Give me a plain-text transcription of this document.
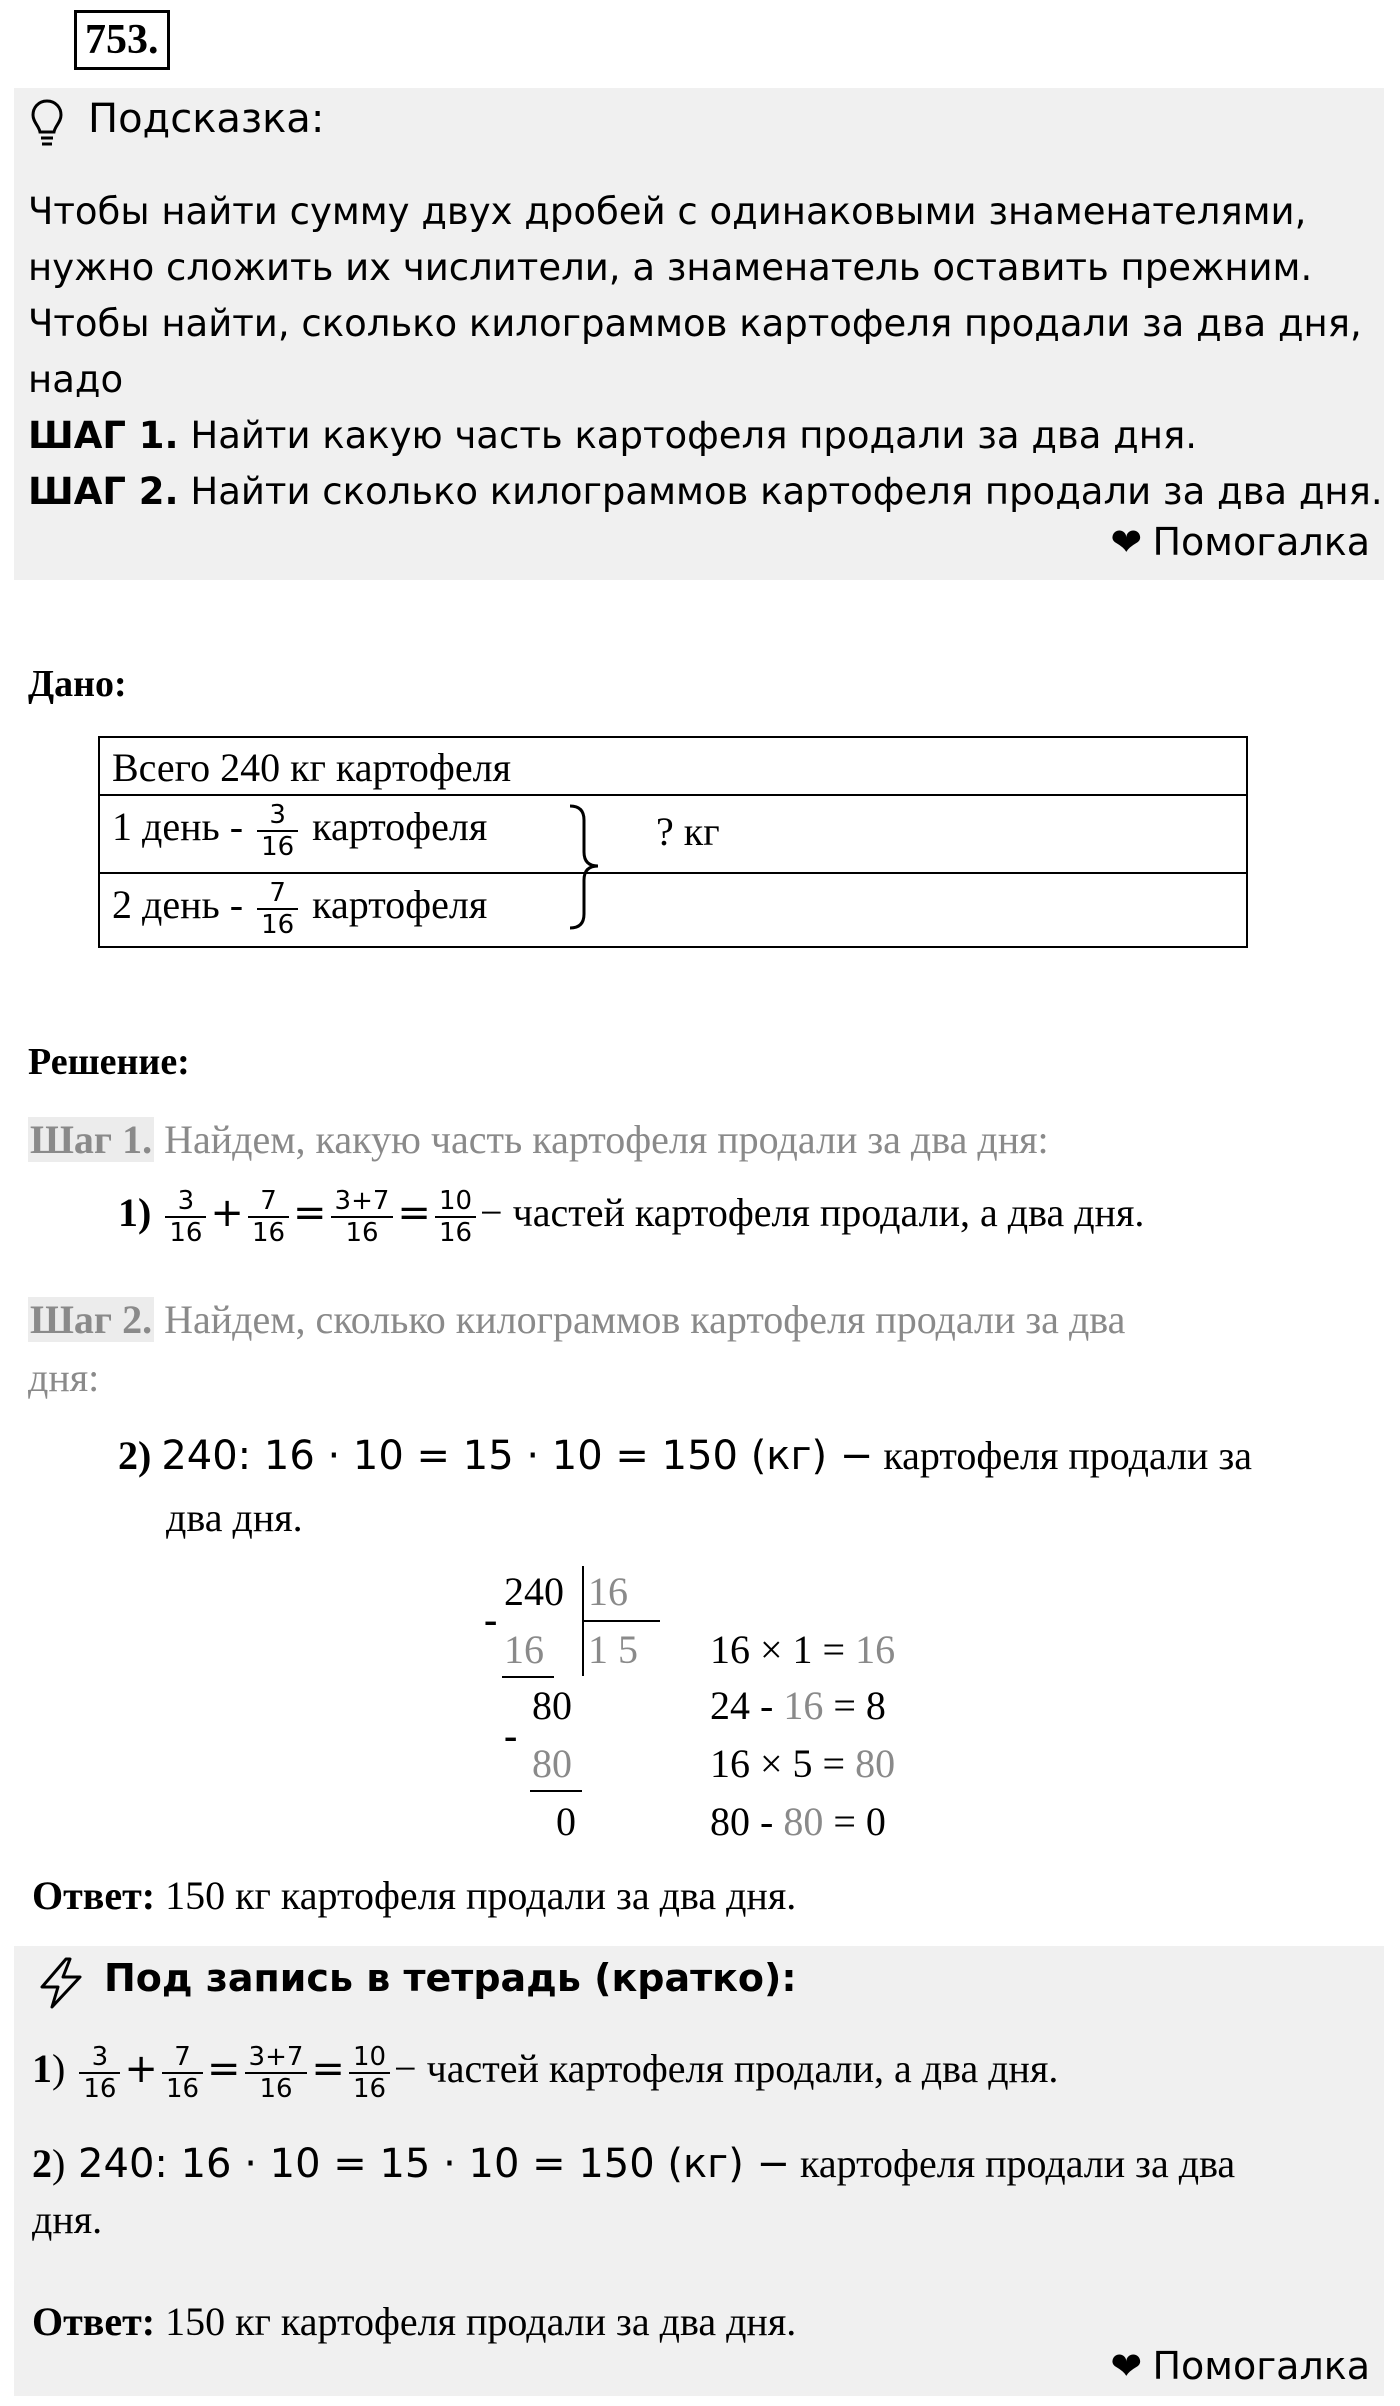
753.
Подсказка:
Чтобы найти сумму двух дробей с одинаковыми знаменателями,
нужно сложить их числители, а знаменатель оставить прежним.
Чтобы найти, сколько килограммов картофеля продали за два дня,
надо
ШАГ 1. Найти какую часть картофеля продали за два дня.
ШАГ 2. Найти сколько килограммов картофеля продали за два дня.
❤ Помогалка
Дано:
Всего 240 кг картофеля
1 день - $\frac{3}{16}$ картофеля
2 день - $\frac{7}{16}$ картофеля
? кг
Решение:
Шаг 1. Найдем, какую часть картофеля продали за два дня:
$1) \frac{3}{16} + \frac{7}{16} = \frac{3+7}{16} = \frac{10}{16}$ − частей картофеля продали, а два дня.
Шаг 2. Найдем, сколько килограммов картофеля продали за два
дня:
2) 240: 16 · 10 = 15 · 10 = 150 (кг) − картофеля продали за
два дня.
240 16
-
16 1 5
80
-
80
0
16 × 1 = 16
24 - 16 = 8
16 × 5 = 80
80 - 80 = 0
Ответ: 150 кг картофеля продали за два дня.
Под запись в тетрадь (кратко):
$1) \frac{3}{16} + \frac{7}{16} = \frac{3+7}{16} = \frac{10}{16}$ − частей картофеля продали, а два дня.
2) 240: 16 · 10 = 15 · 10 = 150 (кг) − картофеля продали за два
дня.
Ответ: 150 кг картофеля продали за два дня.
❤ Помогалка
